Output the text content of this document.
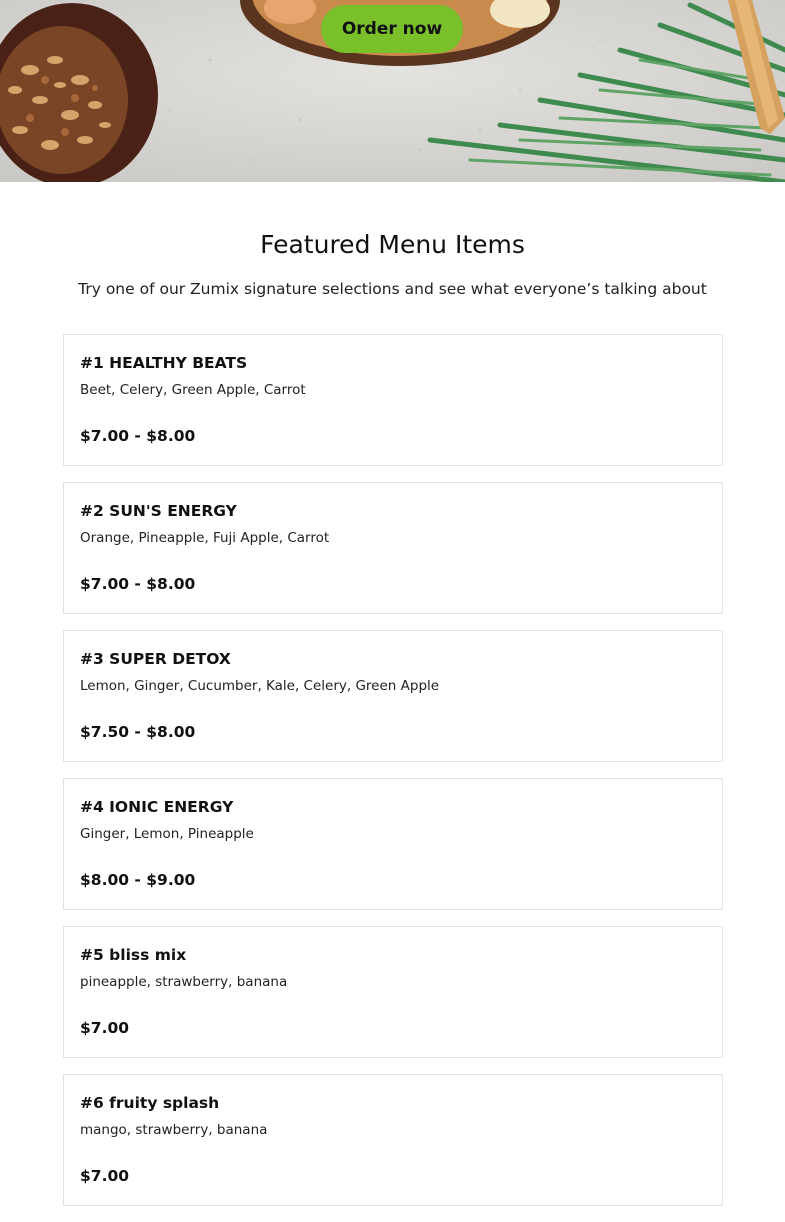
Order now
Featured Menu Items

Try one of our Zumix signature selections and see what everyone’s talking about

#1 HEALTHY BEATS

Beet, Celery, Green Apple, Carrot

$7.00 - $8.00

#2 SUN'S ENERGY

Orange, Pineapple, Fuji Apple, Carrot

$7.00 - $8.00

#3 SUPER DETOX

Lemon, Ginger, Cucumber, Kale, Celery, Green Apple

$7.50 - $8.00

#4 IONIC ENERGY

Ginger, Lemon, Pineapple

$8.00 - $9.00

#5 bliss mix

pineapple, strawberry, banana

$7.00

#6 fruity splash

mango, strawberry, banana

$7.00
